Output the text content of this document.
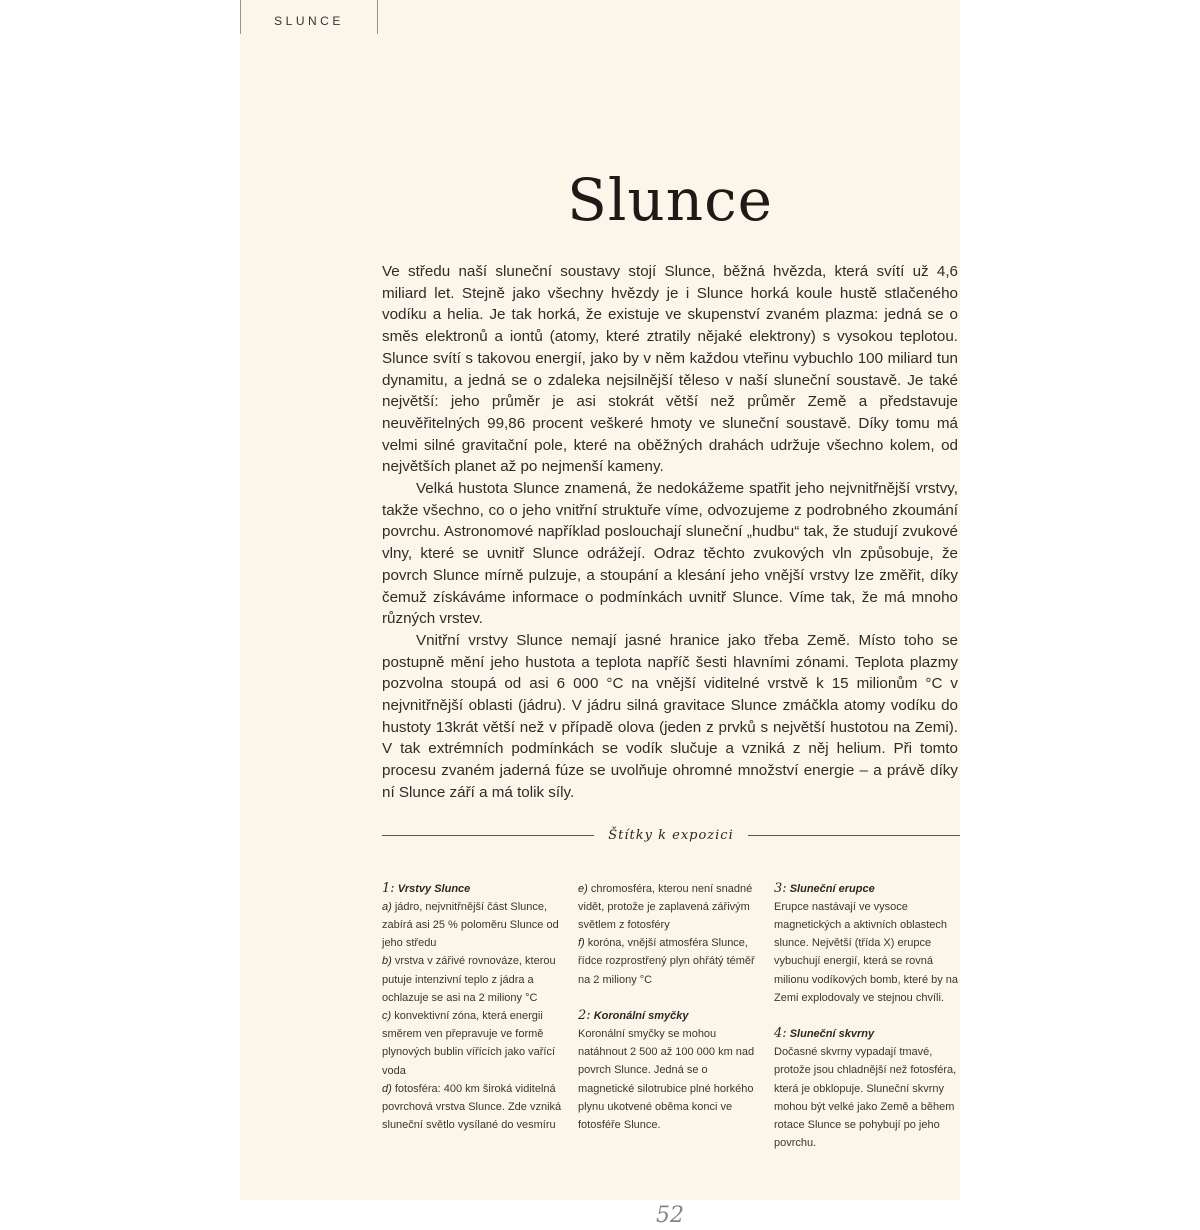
SLUNCE
Slunce

Ve středu naší sluneční soustavy stojí Slunce, běžná hvězda, která svítí už 4,6 miliard let. Stejně jako všechny hvězdy je i Slunce horká koule hustě stlačeného vodíku a helia. Je tak horká, že existuje ve skupenství zvaném plazma: jedná se o směs elektronů a iontů (atomy, které ztratily nějaké elektrony) s vysokou teplotou. Slunce svítí s takovou energií, jako by v něm každou vteřinu vybuchlo 100 miliard tun dynamitu, a jedná se o zdaleka nejsilnější těleso v naší sluneční soustavě. Je také největší: jeho průměr je asi stokrát větší než průměr Země a představuje neuvěřitelných 99,86 procent veškeré hmoty ve sluneční soustavě. Díky tomu má velmi silné gravitační pole, které na oběžných drahách udržuje všechno kolem, od největších planet až po nejmenší kameny.

Velká hustota Slunce znamená, že nedokážeme spatřit jeho nejvnitřnější vrstvy, takže všechno, co o jeho vnitřní struktuře víme, odvozujeme z podrobného zkoumání povrchu. Astronomové například poslouchají sluneční „hudbu“ tak, že studují zvukové vlny, které se uvnitř Slunce odrážejí. Odraz těchto zvukových vln způsobuje, že povrch Slunce mírně pulzuje, a stoupání a klesání jeho vnější vrstvy lze změřit, díky čemuž získáváme informace o podmínkách uvnitř Slunce. Víme tak, že má mnoho různých vrstev.

Vnitřní vrstvy Slunce nemají jasné hranice jako třeba Země. Místo toho se postupně mění jeho hustota a teplota napříč šesti hlavními zónami. Teplota plazmy pozvolna stoupá od asi 6 000 °C na vnější viditelné vrstvě k 15 milionům °C v nejvnitřnější oblasti (jádru). V jádru silná gravitace Slunce zmáčkla atomy vodíku do hustoty 13krát větší než v případě olova (jeden z prvků s největší hustotou na Zemi). V tak extrémních podmínkách se vodík slučuje a vzniká z něj helium. Při tomto procesu zvaném jaderná fúze se uvolňuje ohromné množství energie – a právě díky ní Slunce září a má tolik síly.

Štítky k expozici
1: Vrstvy Slunce

a) jádro, nejvnitřnější část Slunce, zabírá asi 25 % poloměru Slunce od jeho středu

b) vrstva v zářivé rovnováze, kterou putuje intenzivní teplo z jádra a ochlazuje se asi na 2 miliony °C

c) konvektivní zóna, která energii směrem ven přepravuje ve formě plynových bublin vířících jako vařící voda

d) fotosféra: 400 km široká viditelná povrchová vrstva Slunce. Zde vzniká sluneční světlo vysílané do vesmíru

e) chromosféra, kterou není snadné vidět, protože je zaplavená zářivým světlem z fotosféry

f) koróna, vnější atmosféra Slunce, řídce rozprostřený plyn ohřátý téměř na 2 miliony °C

2: Koronální smyčky

Koronální smyčky se mohou natáhnout 2 500 až 100 000 km nad povrch Slunce. Jedná se o magnetické silotrubice plné horkého plynu ukotvené oběma konci ve fotosféře Slunce.

3: Sluneční erupce

Erupce nastávají ve vysoce magnetických a aktivních oblastech slunce. Největší (třída X) erupce vybuchují energií, která se rovná milionu vodíkových bomb, které by na Zemi explodovaly ve stejnou chvíli.

4: Sluneční skvrny

Dočasné skvrny vypadají tmavé, protože jsou chladnější než fotosféra, která je obklopuje. Sluneční skvrny mohou být velké jako Země a během rotace Slunce se pohybují po jeho povrchu.

52
